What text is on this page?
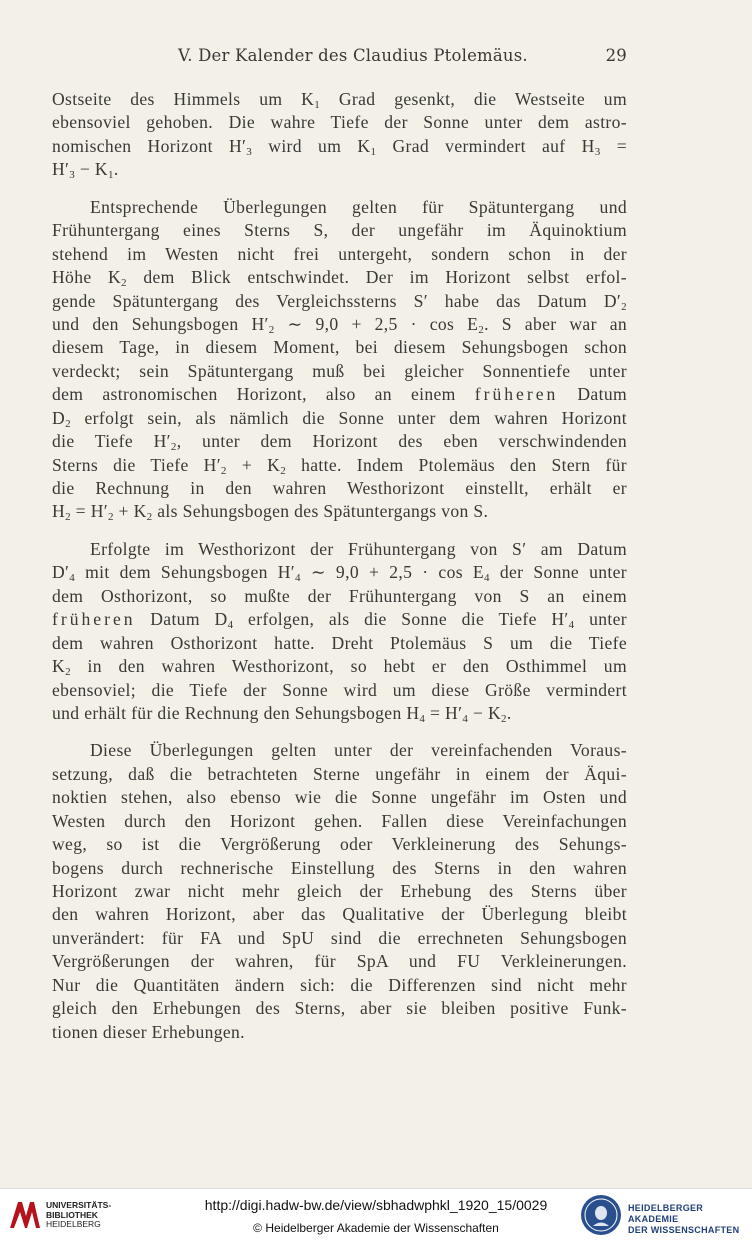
V. Der Kalender des Claudius Ptolemäus.	29
Ostseite des Himmels um $K_1$ Grad gesenkt, die Westseite um
ebensoviel gehoben. Die wahre Tiefe der Sonne unter dem astro-
nomischen Horizont $H'_3$ wird um $K_1$ Grad vermindert auf $H_3$ =
$H'_3 - K_1$.
Entsprechende Überlegungen gelten für Spätuntergang und
Frühuntergang eines Sterns S, der ungefähr im Äquinoktium
stehend im Westen nicht frei untergeht, sondern schon in der
Höhe $K_2$ dem Blick entschwindet. Der im Horizont selbst erfol-
gende Spätuntergang des Vergleichssterns S′ habe das Datum $D'_2$
und den Sehungsbogen $H'_2$ ∼ $9,0 + 2,5 \cdot \cos E_2$. S aber war an
diesem Tage, in diesem Moment, bei diesem Sehungsbogen schon
verdeckt; sein Spätuntergang muß bei gleicher Sonnentiefe unter
dem astronomischen Horizont, also an einem früheren Datum
$D_2$ erfolgt sein, als nämlich die Sonne unter dem wahren Horizont
die Tiefe $H'_2$, unter dem Horizont des eben verschwindenden
Sterns die Tiefe $H'_2 + K_2$ hatte. Indem Ptolemäus den Stern für
die Rechnung in den wahren Westhorizont einstellt, erhält er
$H_2 = H'_2 + K_2$ als Sehungsbogen des Spätuntergangs von S.
Erfolgte im Westhorizont der Frühuntergang von S′ am Datum
$D'_4$ mit dem Sehungsbogen $H'_4$ ∼ $9,0 + 2,5 \cdot \cos E_4$ der Sonne unter
dem Osthorizont, so mußte der Frühuntergang von S an einem
früheren Datum $D_4$ erfolgen, als die Sonne die Tiefe $H'_4$ unter
dem wahren Osthorizont hatte. Dreht Ptolemäus S um die Tiefe
$K_2$ in den wahren Westhorizont, so hebt er den Osthimmel um
ebensoviel; die Tiefe der Sonne wird um diese Größe vermindert
und erhält für die Rechnung den Sehungsbogen $H_4 = H'_4 - K_2$.
Diese Überlegungen gelten unter der vereinfachenden Voraus-
setzung, daß die betrachteten Sterne ungefähr in einem der Äqui-
noktien stehen, also ebenso wie die Sonne ungefähr im Osten und
Westen durch den Horizont gehen. Fallen diese Vereinfachungen
weg, so ist die Vergrößerung oder Verkleinerung des Sehungs-
bogens durch rechnerische Einstellung des Sterns in den wahren
Horizont zwar nicht mehr gleich der Erhebung des Sterns über
den wahren Horizont, aber das Qualitative der Überlegung bleibt
unverändert: für FA und SpU sind die errechneten Sehungsbogen
Vergrößerungen der wahren, für SpA und FU Verkleinerungen.
Nur die Quantitäten ändern sich: die Differenzen sind nicht mehr
gleich den Erhebungen des Sterns, aber sie bleiben positive Funk-
tionen dieser Erhebungen.
UNIVERSITÄTS-
BIBLIOTHEK
HEIDELBERG
http://digi.hadw-bw.de/view/sbhadwphkl_1920_15/0029
© Heidelberger Akademie der Wissenschaften
HEIDELBERGER AKADEMIE
DER WISSENSCHAFTEN
